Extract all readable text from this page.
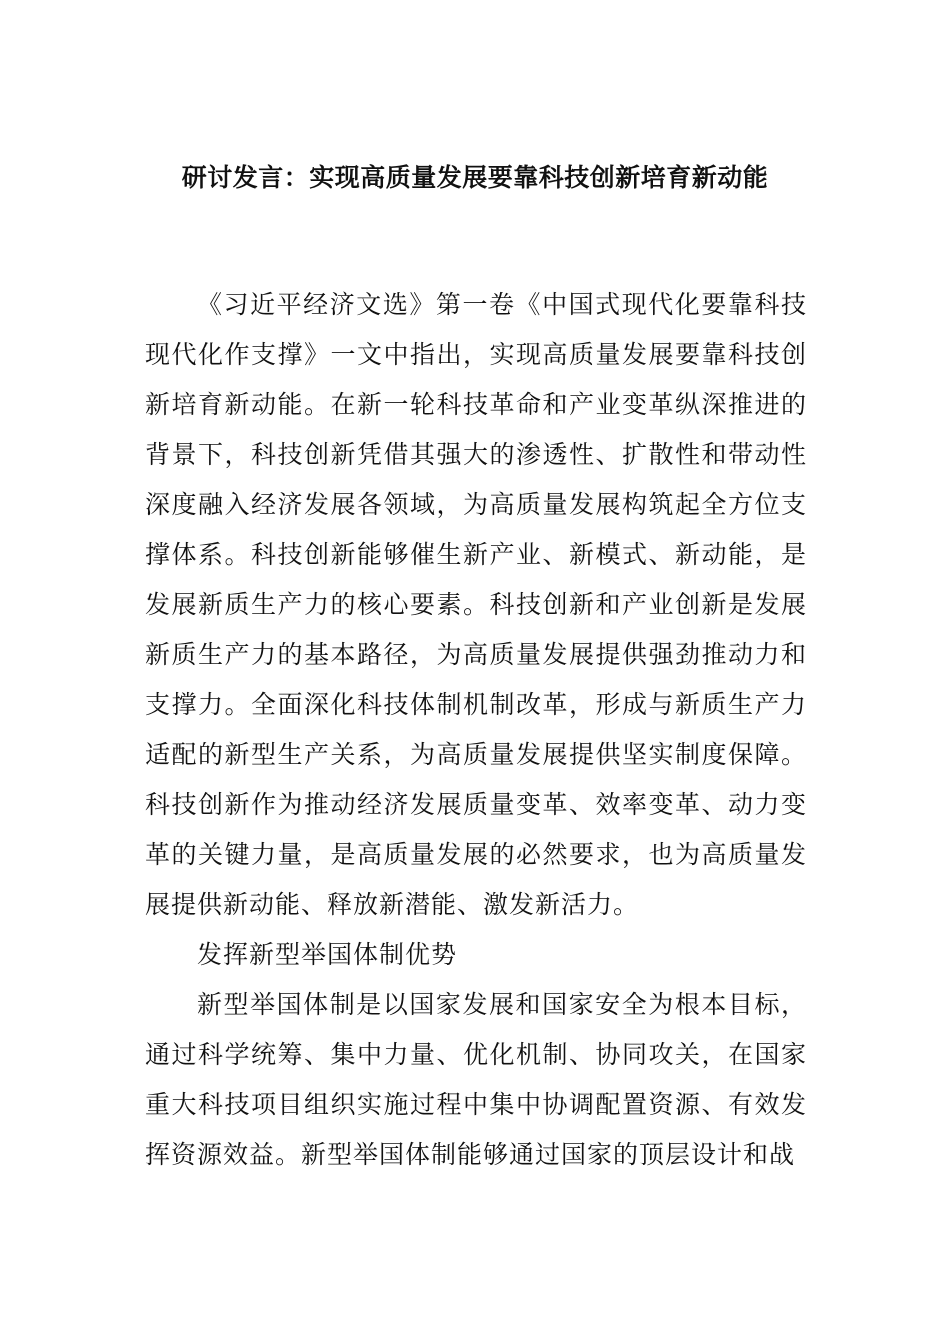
研讨发言：实现高质量发展要靠科技创新培育新动能

《习近平经济文选》第一卷《中国式现代化要靠科技现代化作支撑》一文中指出，实现高质量发展要靠科技创新培育新动能。在新一轮科技革命和产业变革纵深推进的背景下，科技创新凭借其强大的渗透性、扩散性和带动性深度融入经济发展各领域，为高质量发展构筑起全方位支撑体系。科技创新能够催生新产业、新模式、新动能，是发展新质生产力的核心要素。科技创新和产业创新是发展新质生产力的基本路径，为高质量发展提供强劲推动力和支撑力。全面深化科技体制机制改革，形成与新质生产力适配的新型生产关系，为高质量发展提供坚实制度保障。科技创新作为推动经济发展质量变革、效率变革、动力变革的关键力量，是高质量发展的必然要求，也为高质量发展提供新动能、释放新潜能、激发新活力。

发挥新型举国体制优势

新型举国体制是以国家发展和国家安全为根本目标，通过科学统筹、集中力量、优化机制、协同攻关，在国家重大科技项目组织实施过程中集中协调配置资源、有效发挥资源效益。新型举国体制能够通过国家的顶层设计和战
